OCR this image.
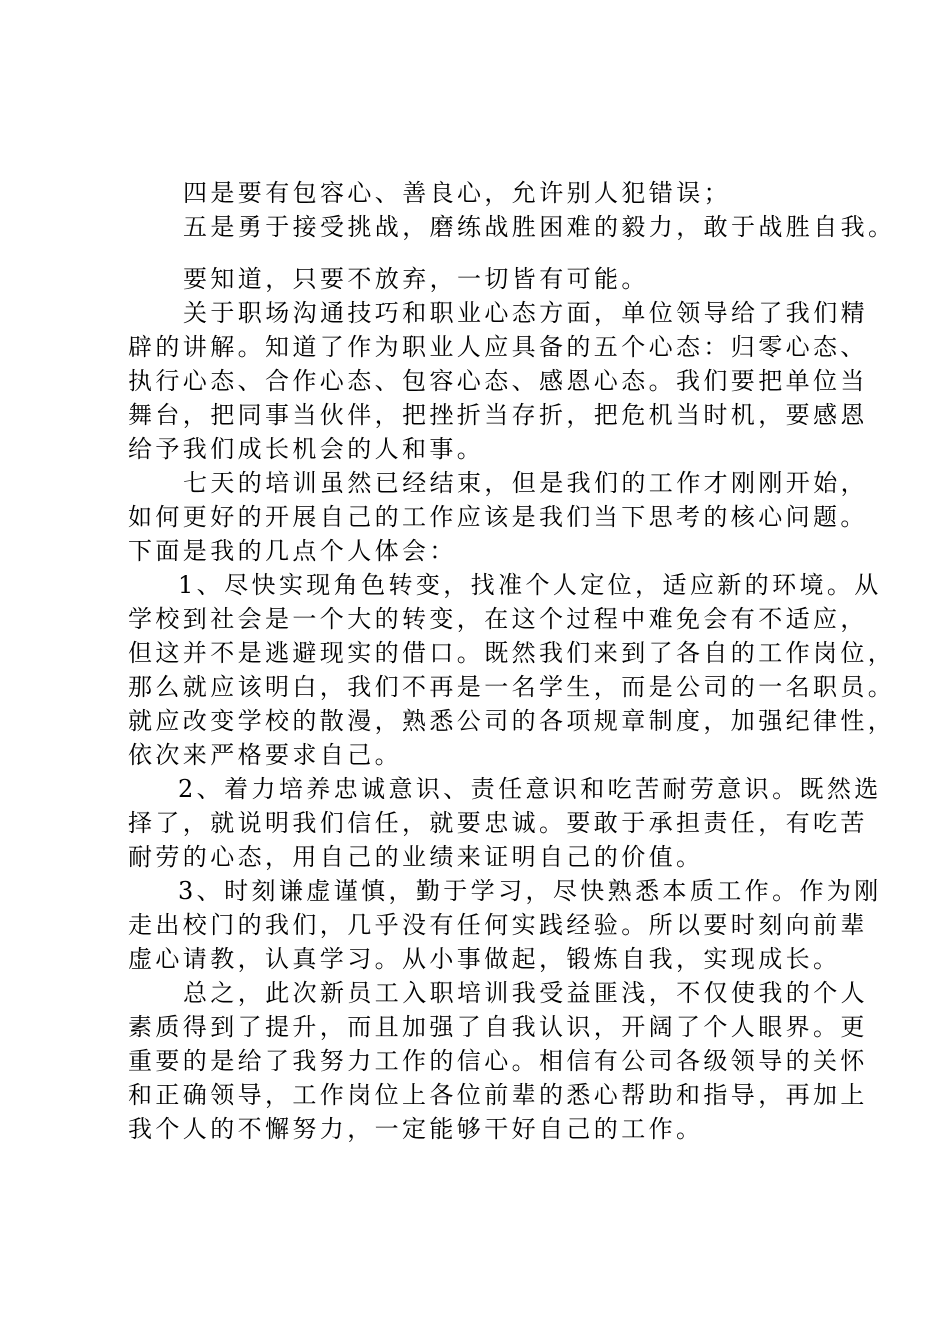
四是要有包容心、善良心，允许别人犯错误；
五是勇于接受挑战，磨练战胜困难的毅力，敢于战胜自我。
要知道，只要不放弃，一切皆有可能。
关于职场沟通技巧和职业心态方面，单位领导给了我们精
辟的讲解。知道了作为职业人应具备的五个心态：归零心态、
执行心态、合作心态、包容心态、感恩心态。我们要把单位当
舞台，把同事当伙伴，把挫折当存折，把危机当时机，要感恩
给予我们成长机会的人和事。
七天的培训虽然已经结束，但是我们的工作才刚刚开始，
如何更好的开展自己的工作应该是我们当下思考的核心问题。
下面是我的几点个人体会：
1、尽快实现角色转变，找准个人定位，适应新的环境。从
学校到社会是一个大的转变，在这个过程中难免会有不适应，
但这并不是逃避现实的借口。既然我们来到了各自的工作岗位，
那么就应该明白，我们不再是一名学生，而是公司的一名职员。
就应改变学校的散漫，熟悉公司的各项规章制度，加强纪律性，
依次来严格要求自己。
2、着力培养忠诚意识、责任意识和吃苦耐劳意识。既然选
择了，就说明我们信任，就要忠诚。要敢于承担责任，有吃苦
耐劳的心态，用自己的业绩来证明自己的价值。
3、时刻谦虚谨慎，勤于学习，尽快熟悉本质工作。作为刚
走出校门的我们，几乎没有任何实践经验。所以要时刻向前辈
虚心请教，认真学习。从小事做起，锻炼自我，实现成长。
总之，此次新员工入职培训我受益匪浅，不仅使我的个人
素质得到了提升，而且加强了自我认识，开阔了个人眼界。更
重要的是给了我努力工作的信心。相信有公司各级领导的关怀
和正确领导，工作岗位上各位前辈的悉心帮助和指导，再加上
我个人的不懈努力，一定能够干好自己的工作。
